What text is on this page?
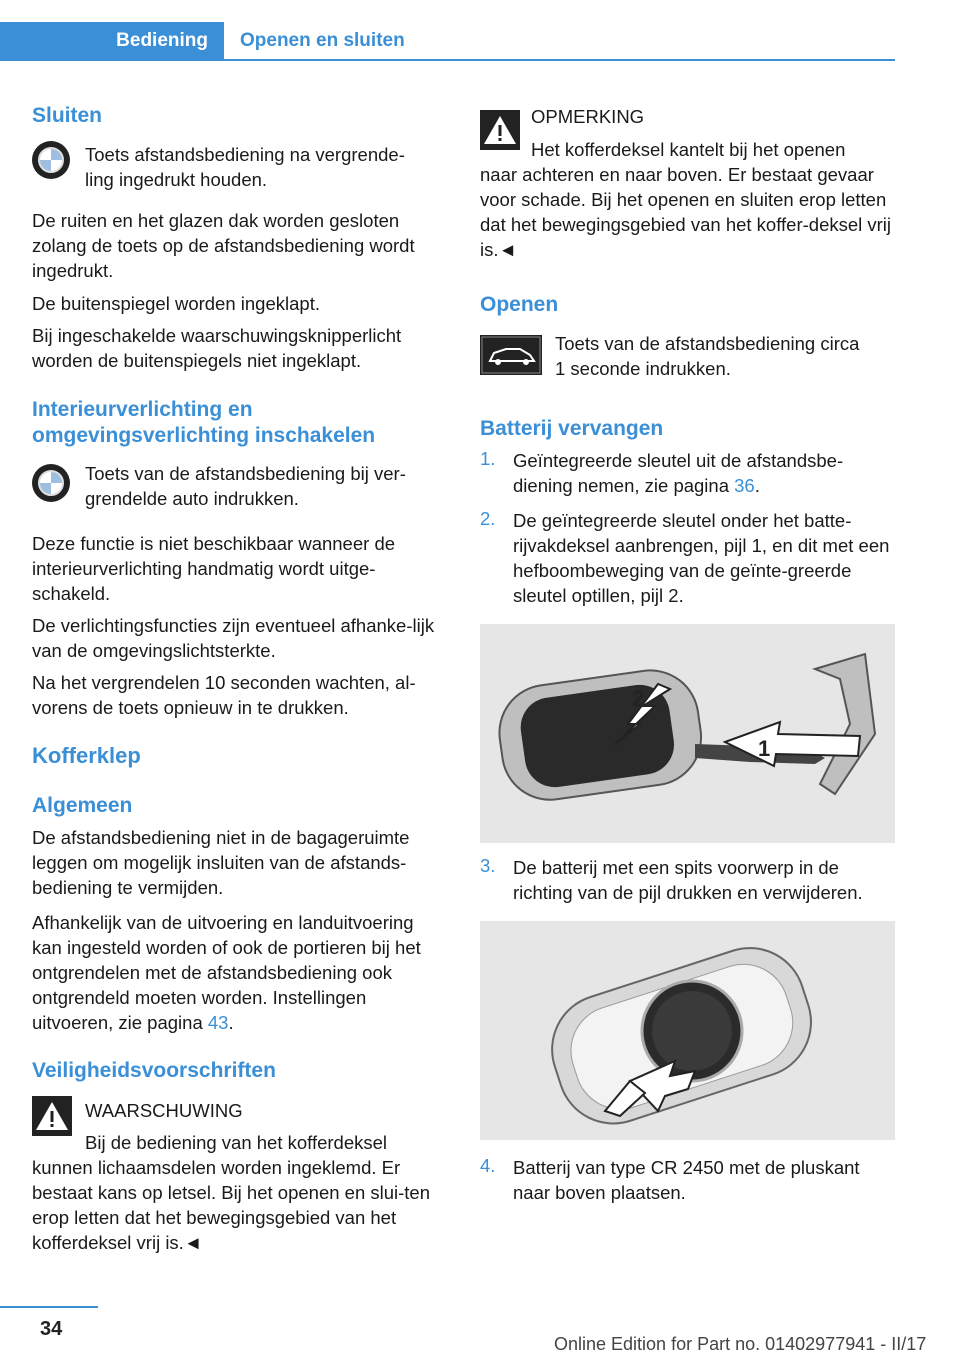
Bediening	Openen en sluiten
Sluiten
Toets afstandsbediening na vergrende-
ling ingedrukt houden.
De ruiten en het glazen dak worden gesloten zolang de toets op de afstandsbediening wordt ingedrukt.
De buitenspiegel worden ingeklapt.
Bij ingeschakelde waarschuwingsknipperlicht worden de buitenspiegels niet ingeklapt.
Interieurverlichting en
omgevingsverlichting inschakelen
Toets van de afstandsbediening bij ver-
grendelde auto indrukken.
Deze functie is niet beschikbaar wanneer de interieurverlichting handmatig wordt uitge-schakeld.
De verlichtingsfuncties zijn eventueel afhanke-lijk van de omgevingslichtsterkte.
Na het vergrendelen 10 seconden wachten, al-vorens de toets opnieuw in te drukken.
Kofferklep
Algemeen
De afstandsbediening niet in de bagageruimte leggen om mogelijk insluiten van de afstands-bediening te vermijden.
Afhankelijk van de uitvoering en landuitvoering kan ingesteld worden of ook de portieren bij het ontgrendelen met de afstandsbediening ook ontgrendeld moeten worden. Instellingen uitvoeren, zie pagina 43.
Veiligheidsvoorschriften
WAARSCHUWING
Bij de bediening van het kofferdeksel
kunnen lichaamsdelen worden ingeklemd. Er bestaat kans op letsel. Bij het openen en slui-ten erop letten dat het bewegingsgebied van het kofferdeksel vrij is.◄
OPMERKING
Het kofferdeksel kantelt bij het openen
naar achteren en naar boven. Er bestaat gevaar voor schade. Bij het openen en sluiten erop letten dat het bewegingsgebied van het koffer-deksel vrij is.◄
Openen
Toets van de afstandsbediening circa
1 seconde indrukken.
Batterij vervangen
1. Geïntegreerde sleutel uit de afstandsbe-diening nemen, zie pagina 36.
2. De geïntegreerde sleutel onder het batte-rijvakdeksel aanbrengen, pijl 1, en dit met een hefboombeweging van de geïnte-greerde sleutel optillen, pijl 2.
2
1
3. De batterij met een spits voorwerp in de richting van de pijl drukken en verwijderen.
4. Batterij van type CR 2450 met de pluskant naar boven plaatsen.
34
Online Edition for Part no. 01402977941 - II/17
